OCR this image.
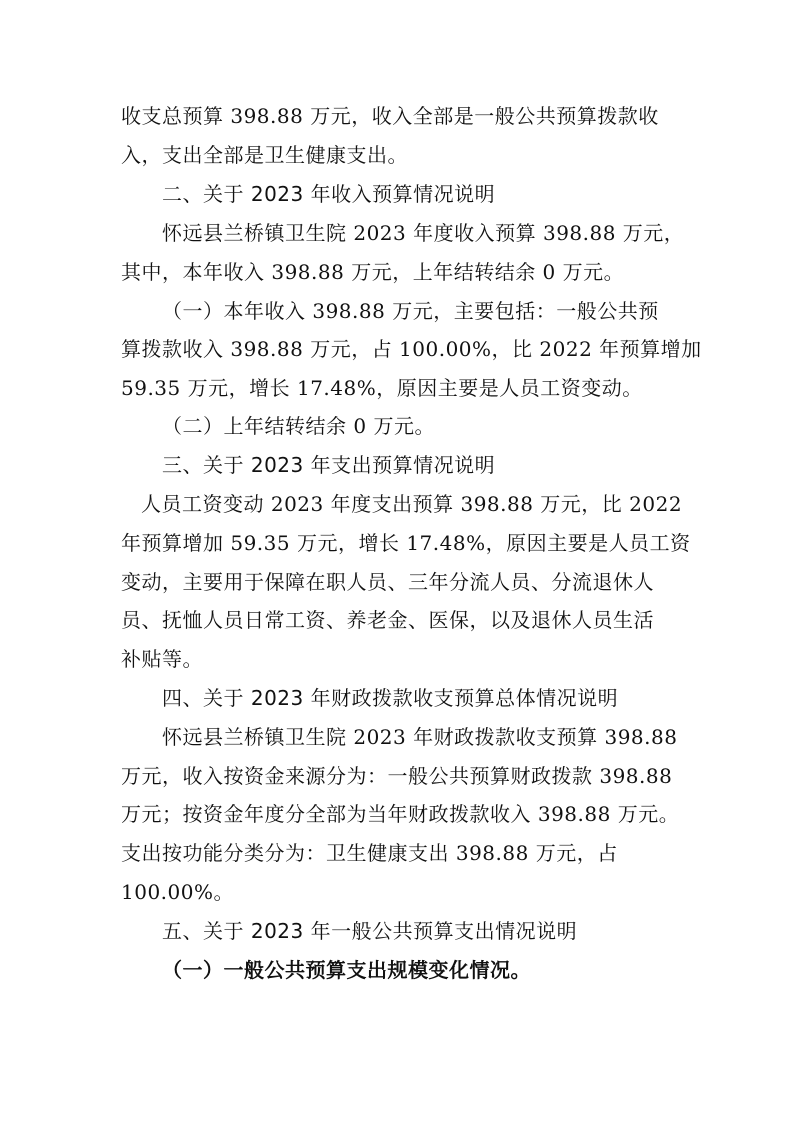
收支总预算 398.88 万元，收入全部是一般公共预算拨款收
入，支出全部是卫生健康支出。
二、关于 2023 年收入预算情况说明
怀远县兰桥镇卫生院 2023 年度收入预算 398.88 万元，
其中，本年收入 398.88 万元，上年结转结余 0 万元。
（一）本年收入 398.88 万元，主要包括：一般公共预
算拨款收入 398.88 万元，占 100.00%，比 2022 年预算增加
59.35 万元，增长 17.48%，原因主要是人员工资变动。
（二）上年结转结余 0 万元。
三、关于 2023 年支出预算情况说明
人员工资变动 2023 年度支出预算 398.88 万元，比 2022
年预算增加 59.35 万元，增长 17.48%，原因主要是人员工资
变动，主要用于保障在职人员、三年分流人员、分流退休人
员、抚恤人员日常工资、养老金、医保，以及退休人员生活
补贴等。
四、关于 2023 年财政拨款收支预算总体情况说明
怀远县兰桥镇卫生院 2023 年财政拨款收支预算 398.88
万元，收入按资金来源分为：一般公共预算财政拨款 398.88
万元；按资金年度分全部为当年财政拨款收入 398.88 万元。
支出按功能分类分为：卫生健康支出 398.88 万元，占
100.00%。
五、关于 2023 年一般公共预算支出情况说明
（一）一般公共预算支出规模变化情况。
